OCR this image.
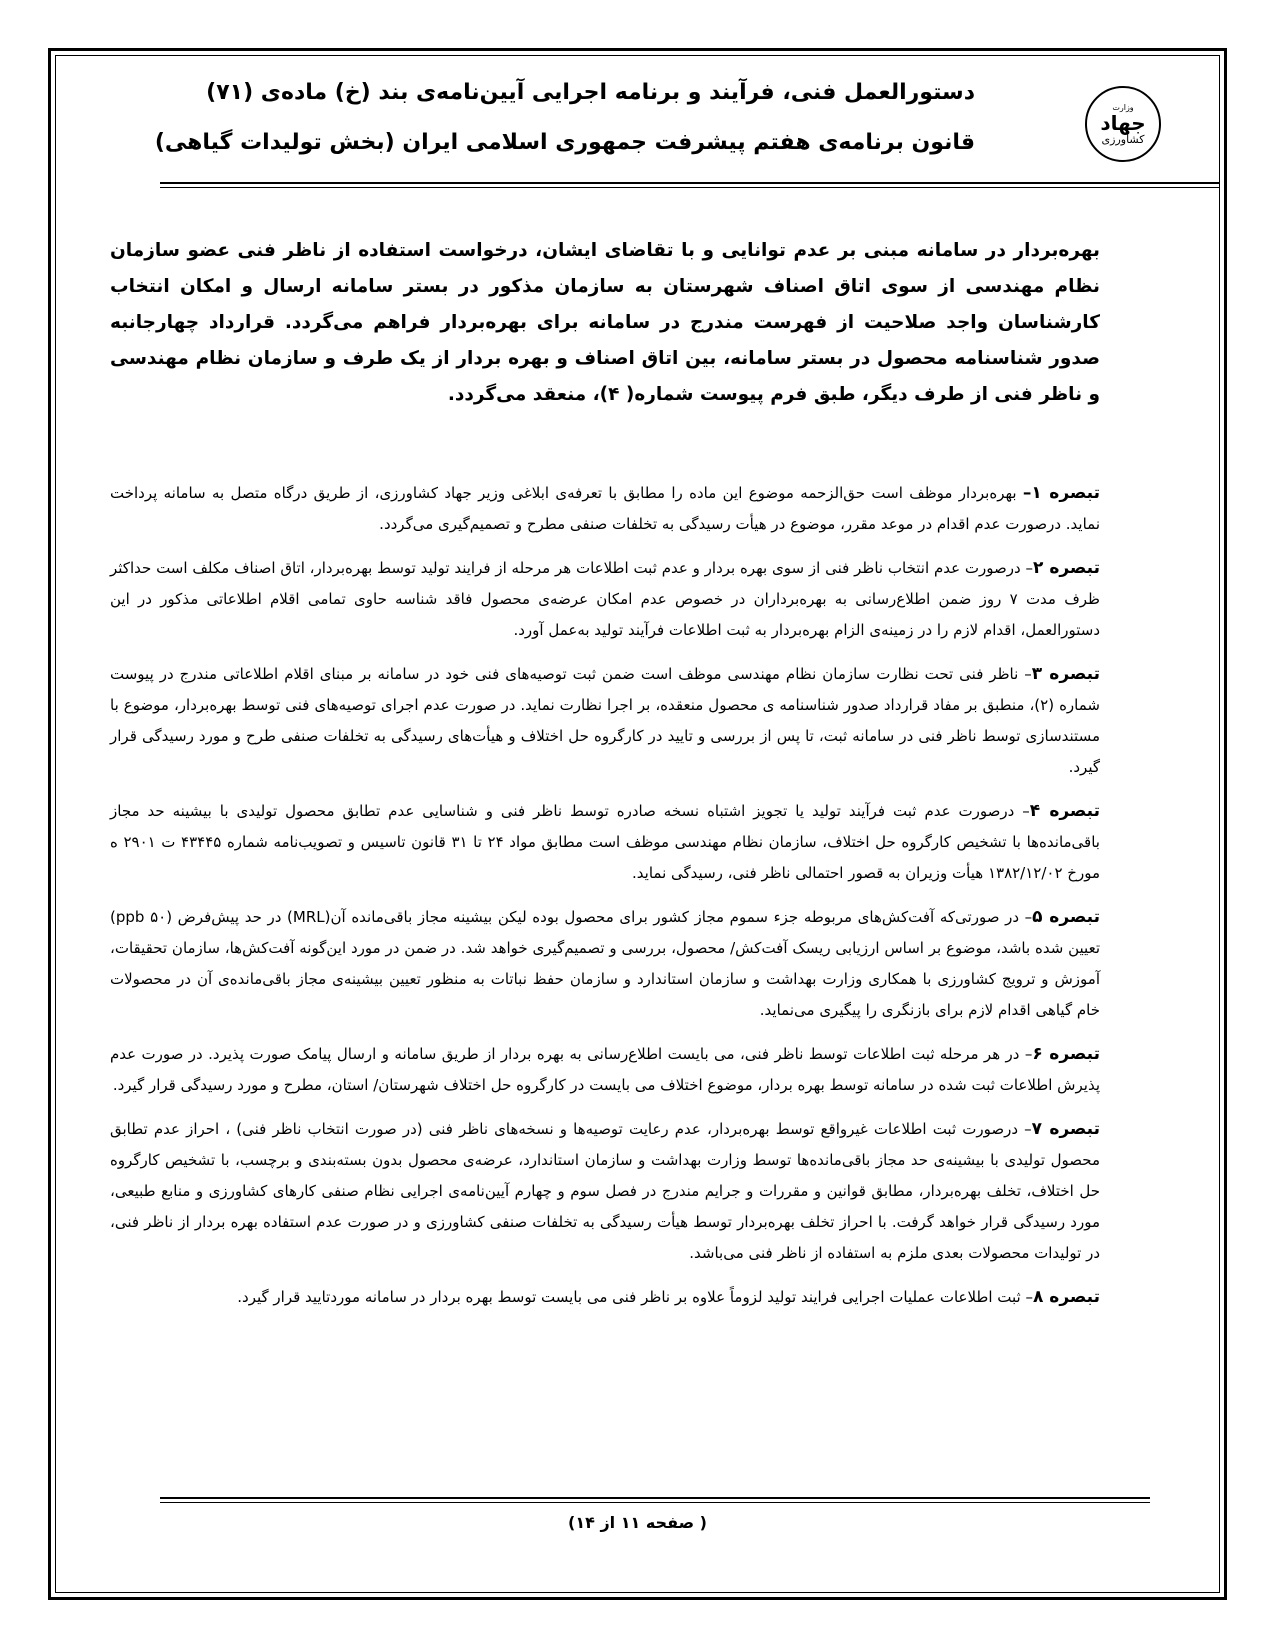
وزارت
جهاد
کشاورزی
دستورالعمل فنی، فرآیند و برنامه اجرایی آیین‌نامه‌ی بند (خ) ماده‌ی (۷۱)
قانون برنامه‌ی هفتم پیشرفت جمهوری اسلامی ایران (بخش تولیدات گیاهی)

بهره‌بردار در سامانه مبنی بر عدم توانایی و با تقاضای ایشان، درخواست استفاده از ناظر فنی عضو سازمان نظام مهندسی از سوی اتاق اصناف شهرستان به سازمان مذکور در بستر سامانه ارسال و امکان انتخاب کارشناسان واجد صلاحیت از فهرست مندرج در سامانه برای بهره‌بردار فراهم می‌گردد. قرارداد چهارجانبه صدور شناسنامه محصول در بستر سامانه، بین اتاق اصناف و بهره بردار از یک طرف و سازمان نظام مهندسی و ناظر فنی از طرف دیگر، طبق فرم پیوست شماره( ۴)، منعقد می‌گردد.

تبصره ۱– بهره‌بردار موظف است حق‌الزحمه موضوع این ماده را مطابق با تعرفه‌ی ابلاغی وزیر جهاد کشاورزی، از طریق درگاه متصل به سامانه پرداخت نماید. درصورت عدم اقدام در موعد مقرر، موضوع در هیأت رسیدگی به تخلفات صنفی مطرح و تصمیم‌گیری می‌گردد.

تبصره ۲– درصورت عدم انتخاب ناظر فنی از سوی بهره بردار و عدم ثبت اطلاعات هر مرحله از فرایند تولید توسط بهره‌بردار، اتاق اصناف مکلف است حداکثر ظرف مدت ۷ روز ضمن اطلاع‌رسانی به بهره‌برداران در خصوص عدم امکان عرضه‌ی محصول فاقد شناسه حاوی تمامی اقلام اطلاعاتی مذکور در این دستورالعمل، اقدام لازم را در زمینه‌ی الزام بهره‌بردار به ثبت اطلاعات فرآیند تولید به‌عمل آورد.

تبصره ۳– ناظر فنی تحت نظارت سازمان نظام مهندسی موظف است ضمن ثبت توصیه‌های فنی خود در سامانه بر مبنای اقلام اطلاعاتی مندرج در پیوست شماره (۲)، منطبق بر مفاد قرارداد صدور شناسنامه ی محصول منعقده، بر اجرا نظارت نماید. در صورت عدم اجرای توصیه‌های فنی توسط بهره‌بردار، موضوع با مستندسازی توسط ناظر فنی در سامانه ثبت، تا پس از بررسی و تایید در کارگروه حل اختلاف و هیأت‌های رسیدگی به تخلفات صنفی طرح و مورد رسیدگی قرار گیرد.

تبصره ۴– درصورت عدم ثبت فرآیند تولید یا تجویز اشتباه نسخه صادره توسط ناظر فنی و شناسایی عدم تطابق محصول تولیدی با بیشینه حد مجاز باقی‌مانده‌ها با تشخیص کارگروه حل اختلاف، سازمان نظام مهندسی موظف است مطابق مواد ۲۴ تا ۳۱ قانون تاسیس و تصویب‌نامه شماره ۴۳۴۴۵ ت ۲۹۰۱ ه مورخ ۱۳۸۲/۱۲/۰۲ هیأت وزیران به قصور احتمالی ناظر فنی، رسیدگی نماید.

تبصره ۵– در صورتی‌که آفت‌کش‌های مربوطه جزء سموم مجاز کشور برای محصول بوده لیکن بیشینه مجاز باقی‌مانده آن(MRL) در حد پیش‌فرض (۵۰ ppb) تعیین شده باشد، موضوع بر اساس ارزیابی ریسک آفت‌کش/ محصول، بررسی و تصمیم‌گیری خواهد شد. در ضمن در مورد این‌گونه آفت‌کش‌ها، سازمان تحقیقات، آموزش و ترویج کشاورزی با همکاری وزارت بهداشت و سازمان استاندارد و سازمان حفظ نباتات به منظور تعیین بیشینه‌ی مجاز باقی‌مانده‌ی آن در محصولات خام گیاهی اقدام لازم برای بازنگری را پیگیری می‌نماید.

تبصره ۶– در هر مرحله ثبت اطلاعات توسط ناظر فنی، می بایست اطلاع‌رسانی به بهره بردار از طریق سامانه و ارسال پیامک صورت پذیرد. در صورت عدم پذیرش اطلاعات ثبت شده در سامانه توسط بهره بردار، موضوع اختلاف می بایست در کارگروه حل اختلاف شهرستان/ استان، مطرح و مورد رسیدگی قرار گیرد.

تبصره ۷– درصورت ثبت اطلاعات غیرواقع توسط بهره‌بردار، عدم رعایت توصیه‌ها و نسخه‌های ناظر فنی (در صورت انتخاب ناظر فنی) ، احراز عدم تطابق محصول تولیدی با بیشینه‌ی حد مجاز باقی‌مانده‌ها توسط وزارت بهداشت و سازمان استاندارد، عرضه‌ی محصول بدون بسته‌بندی و برچسب، با تشخیص کارگروه حل اختلاف، تخلف بهره‌بردار، مطابق قوانین و مقررات و جرایم مندرج در فصل سوم و چهارم آیین‌نامه‌ی اجرایی نظام صنفی کارهای کشاورزی و منابع طبیعی، مورد رسیدگی قرار خواهد گرفت. با احراز تخلف بهره‌بردار توسط هیأت رسیدگی به تخلفات صنفی کشاورزی و در صورت عدم استفاده بهره بردار از ناظر فنی، در تولیدات محصولات بعدی ملزم به استفاده از ناظر فنی می‌باشد.

تبصره ۸– ثبت اطلاعات عملیات اجرایی فرایند تولید لزوماً علاوه بر ناظر فنی می بایست توسط بهره بردار در سامانه موردتایید قرار گیرد.

( صفحه ۱۱ از ۱۴)
